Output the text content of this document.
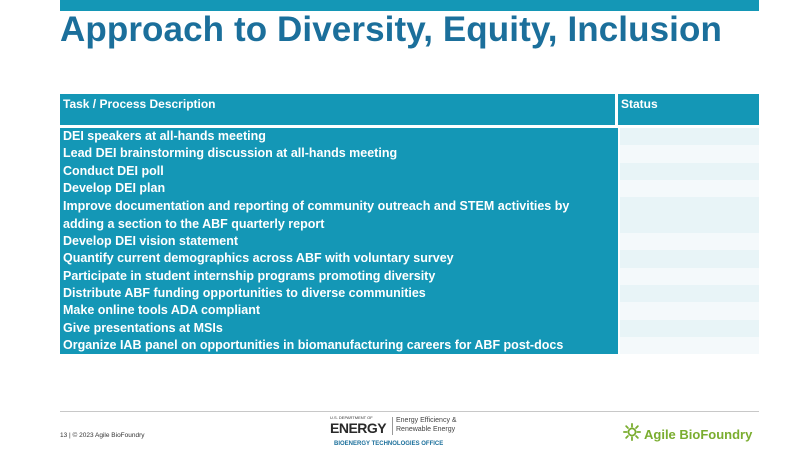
Approach to Diversity, Equity, Inclusion
Task / Process Description	Status
DEI speakers at all-hands meeting
Lead DEI brainstorming discussion at all-hands meeting
Conduct DEI poll
Develop DEI plan
Improve documentation and reporting of community outreach and STEM activities by
adding a section to the ABF quarterly report
Develop DEI vision statement
Quantify current demographics across ABF with voluntary survey
Participate in student internship programs promoting diversity
Distribute ABF funding opportunities to diverse communities
Make online tools ADA compliant
Give presentations at MSIs
Organize IAB panel on opportunities in biomanufacturing careers for ABF post-docs
13 | © 2023 Agile BioFoundry
U.S. DEPARTMENT OF
ENERGY Energy Efficiency &
Renewable Energy
BIOENERGY TECHNOLOGIES OFFICE
Agile BioFoundry
